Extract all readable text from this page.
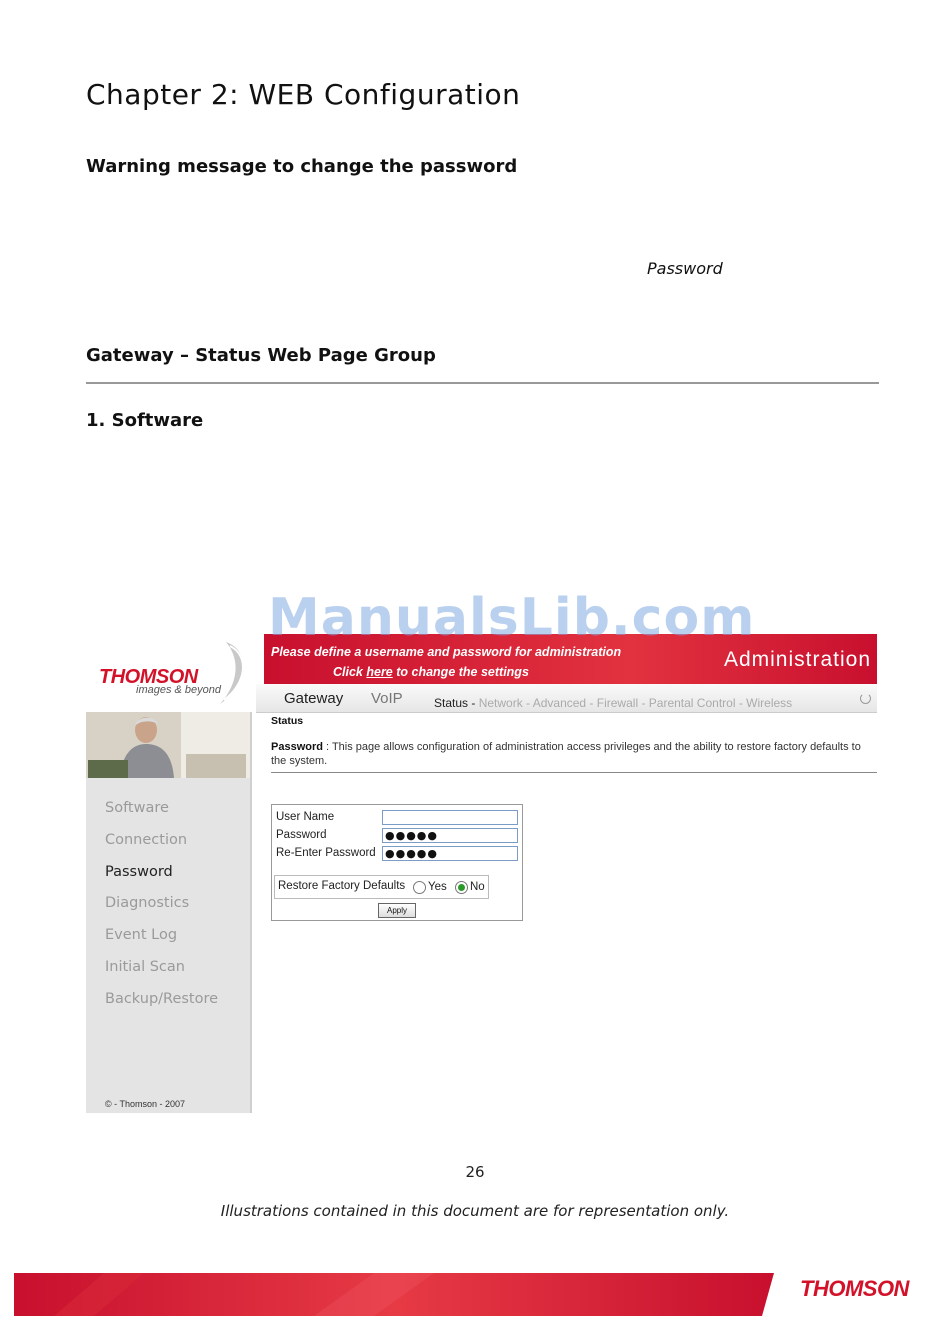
Chapter 2: WEB Configuration
Warning message to change the password
Password
Gateway – Status Web Page Group
1. Software
THOMSON
images & beyond
Please define a username and password for administration
Click here to change the settings
Administration
Gateway VoIP	Status - Network - Advanced - Firewall - Parental Control - Wireless
Software
Connection
Password
Diagnostics
Event Log
Initial Scan
Backup/Restore
© - Thomson - 2007
Status
Password : This page allows configuration of administration access privileges and the ability to restore factory defaults to the system.
User Name
Password	●●●●●
Re-Enter Password ●●●●●
Restore Factory Defaults Yes No
Apply
ManualsLib.com
26
Illustrations contained in this document are for representation only.
THOMSON
